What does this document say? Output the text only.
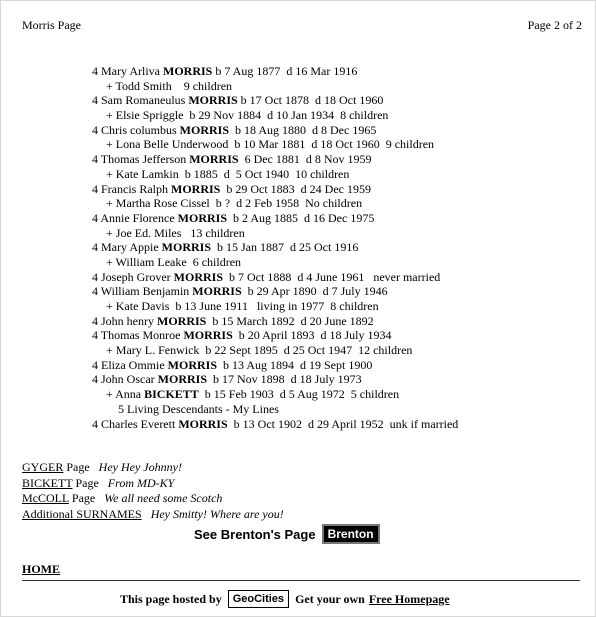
Morris Page	Page 2 of 2
4 Mary Arliva MORRIS b 7 Aug 1877  d 16 Mar 1916
+ Todd Smith    9 children
4 Sam Romaneulus MORRIS b 17 Oct 1878  d 18 Oct 1960
+ Elsie Spriggle  b 29 Nov 1884  d 10 Jan 1934  8 children
4 Chris columbus MORRIS  b 18 Aug 1880  d 8 Dec 1965
+ Lona Belle Underwood  b 10 Mar 1881  d 18 Oct 1960  9 children
4 Thomas Jefferson MORRIS  6 Dec 1881  d 8 Nov 1959
+ Kate Lamkin  b 1885  d  5 Oct 1940  10 children
4 Francis Ralph MORRIS  b 29 Oct 1883  d 24 Dec 1959
+ Martha Rose Cissel  b ?  d 2 Feb 1958  No children
4 Annie Florence MORRIS  b 2 Aug 1885  d 16 Dec 1975
+ Joe Ed. Miles   13 children
4 Mary Appie MORRIS  b 15 Jan 1887  d 25 Oct 1916
+ William Leake  6 children
4 Joseph Grover MORRIS  b 7 Oct 1888  d 4 June 1961   never married
4 William Benjamin MORRIS  b 29 Apr 1890  d 7 July 1946
+ Kate Davis  b 13 June 1911   living in 1977  8 children
4 John henry MORRIS  b 15 March 1892  d 20 June 1892
4 Thomas Monroe MORRIS  b 20 April 1893  d 18 July 1934
+ Mary L. Fenwick  b 22 Sept 1895  d 25 Oct 1947  12 children
4 Eliza Ommie MORRIS  b 13 Aug 1894  d 19 Sept 1900
4 John Oscar MORRIS  b 17 Nov 1898  d 18 July 1973
+ Anna BICKETT  b 15 Feb 1903  d 5 Aug 1972  5 children
5 Living Descendants - My Lines
4 Charles Everett MORRIS  b 13 Oct 1902  d 29 April 1952  unk if married
GYGER Page Hey Hey Johnny!
BICKETT Page From MD-KY
McCOLL Page We all need some Scotch
Additional SURNAMES Hey Smitty! Where are you!
See Brenton's Page	Brenton
HOME
This page hosted by	GeoCities Get your own Free Homepage
